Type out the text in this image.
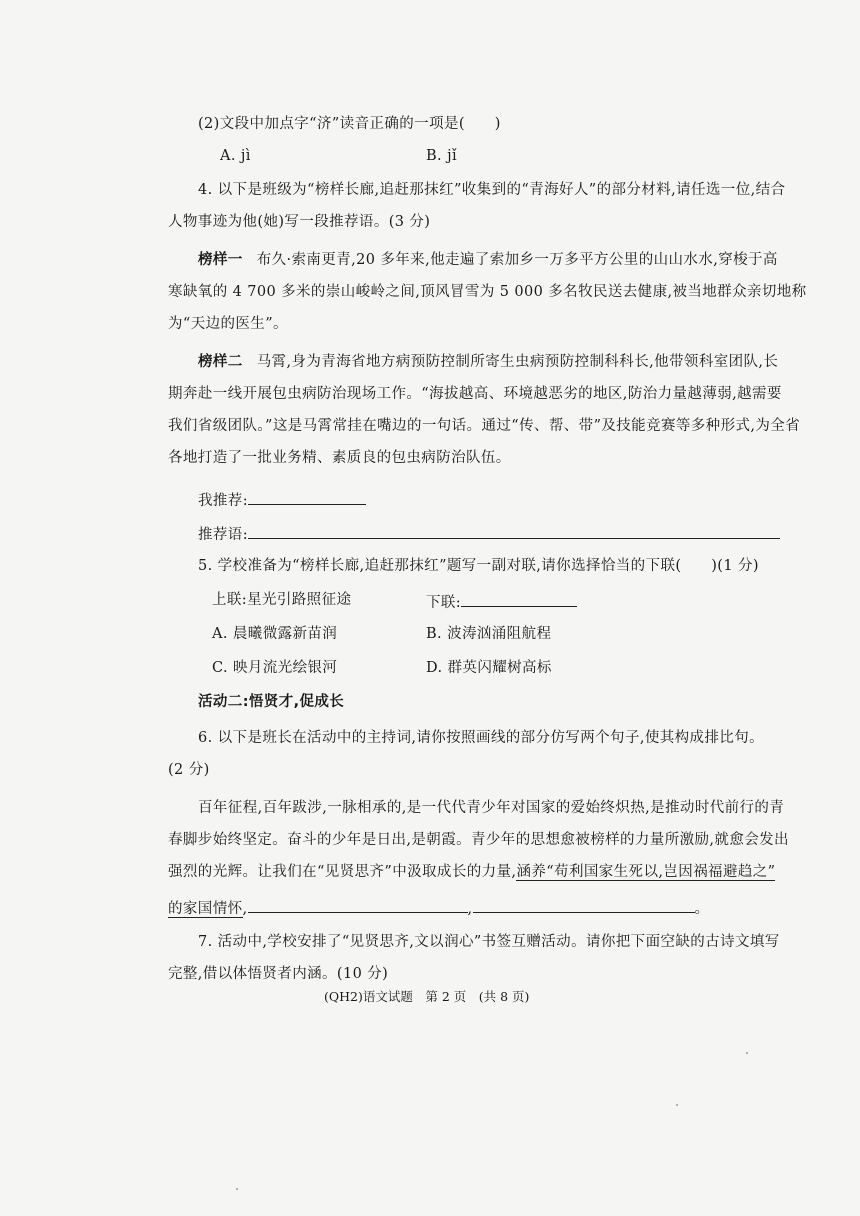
(2)文段中加点字“济”读音正确的一项是(　　)
A. jì	B. jǐ
4. 以下是班级为“榜样长廊,追赶那抹红”收集到的“青海好人”的部分材料,请任选一位,结合
人物事迹为他(她)写一段推荐语。(3 分)
榜样一 布久·索南更青,20 多年来,他走遍了索加乡一万多平方公里的山山水水,穿梭于高
寒缺氧的 4 700 多米的崇山峻岭之间,顶风冒雪为 5 000 多名牧民送去健康,被当地群众亲切地称
为“天边的医生”。
榜样二 马霄,身为青海省地方病预防控制所寄生虫病预防控制科科长,他带领科室团队,长
期奔赴一线开展包虫病防治现场工作。“海拔越高、环境越恶劣的地区,防治力量越薄弱,越需要
我们省级团队。”这是马霄常挂在嘴边的一句话。通过“传、帮、带”及技能竞赛等多种形式,为全省
各地打造了一批业务精、素质良的包虫病防治队伍。
我推荐:
推荐语:
5. 学校准备为“榜样长廊,追赶那抹红”题写一副对联,请你选择恰当的下联(　　)(1 分)
上联:星光引路照征途	下联:
A. 晨曦微露新苗润	B. 波涛汹涌阻航程
C. 映月流光绘银河	D. 群英闪耀树高标
活动二:悟贤才,促成长
6. 以下是班长在活动中的主持词,请你按照画线的部分仿写两个句子,使其构成排比句。
(2 分)
百年征程,百年跋涉,一脉相承的,是一代代青少年对国家的爱始终炽热,是推动时代前行的青
春脚步始终坚定。奋斗的少年是日出,是朝霞。青少年的思想愈被榜样的力量所激励,就愈会发出
强烈的光辉。让我们在“见贤思齐”中汲取成长的力量,涵养“苟利国家生死以,岂因祸福避趋之”
的家国情怀,	,	。
7. 活动中,学校安排了“见贤思齐,文以润心”书签互赠活动。请你把下面空缺的古诗文填写
完整,借以体悟贤者内涵。(10 分)
(QH2)语文试题　第 2 页　(共 8 页)
